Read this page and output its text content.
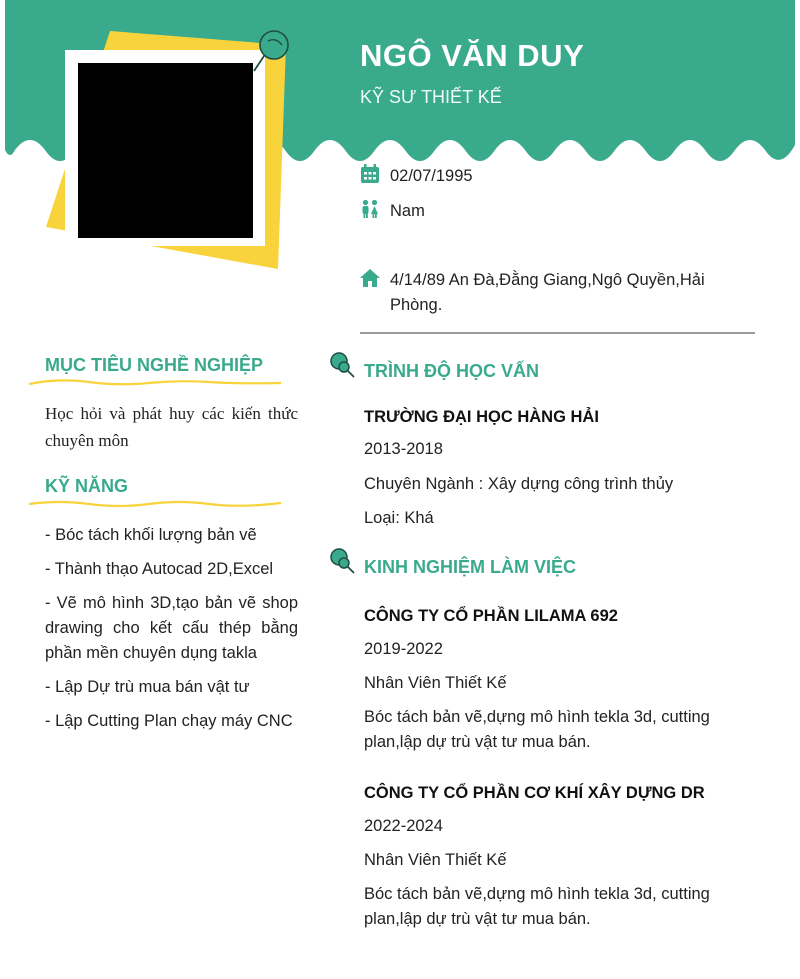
NGÔ VĂN DUY

KỸ SƯ THIẾT KẾ

02/07/1995
Nam
4/14/89 An Đà,Đằng Giang,Ngô Quyền,Hải Phòng.
MỤC TIÊU NGHỀ NGHIỆP

Học hỏi và phát huy các kiến thức chuyên môn

KỸ NĂNG
- Bóc tách khối lượng bản vẽ
- Thành thạo Autocad 2D,Excel
- Vẽ mô hình 3D,tạo bản vẽ shop drawing cho kết cấu thép bằng phần mền chuyên dụng takla
- Lập Dự trù mua bán vật tư
- Lập Cutting Plan chạy máy CNC
TRÌNH ĐỘ HỌC VẤN

TRƯỜNG ĐẠI HỌC HÀNG HẢI

2013-2018

Chuyên Ngành : Xây dựng công trình thủy

Loại: Khá

KINH NGHIỆM LÀM VIỆC

CÔNG TY CỔ PHẦN LILAMA 692

2019-2022

Nhân Viên Thiết Kế

Bóc tách bản vẽ,dựng mô hình tekla 3d, cutting plan,lập dự trù vật tư mua bán.

CÔNG TY CỔ PHẦN CƠ KHÍ XÂY DỰNG DR

2022-2024

Nhân Viên Thiết Kế

Bóc tách bản vẽ,dựng mô hình tekla 3d, cutting plan,lập dự trù vật tư mua bán.
